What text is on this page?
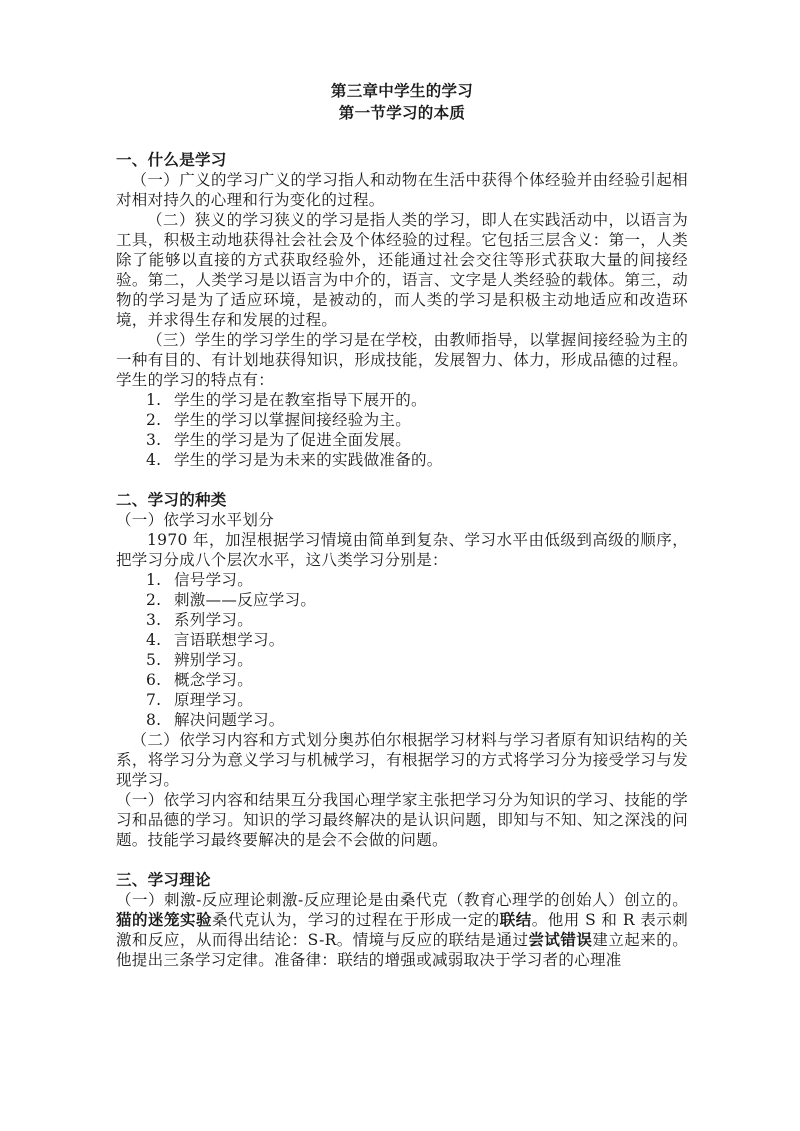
第三章中学生的学习
第一节学习的本质
一、什么是学习

（一）广义的学习广义的学习指人和动物在生活中获得个体经验并由经验引起相对相对持久的心理和行为变化的过程。

（二）狭义的学习狭义的学习是指人类的学习，即人在实践活动中，以语言为工具，积极主动地获得社会社会及个体经验的过程。它包括三层含义：第一，人类除了能够以直接的方式获取经验外，还能通过社会交往等形式获取大量的间接经验。第二，人类学习是以语言为中介的，语言、文字是人类经验的载体。第三，动物的学习是为了适应环境，是被动的，而人类的学习是积极主动地适应和改造环境，并求得生存和发展的过程。

（三）学生的学习学生的学习是在学校，由教师指导，以掌握间接经验为主的一种有目的、有计划地获得知识，形成技能，发展智力、体力，形成品德的过程。学生的学习的特点有：

1. 学生的学习是在教室指导下展开的。
2. 学生的学习以掌握间接经验为主。
3. 学生的学习是为了促进全面发展。
4. 学生的学习是为未来的实践做准备的。
二、学习的种类

（一）依学习水平划分

1970 年，加涅根据学习情境由简单到复杂、学习水平由低级到高级的顺序，把学习分成八个层次水平，这八类学习分别是：

1. 信号学习。
2. 刺激——反应学习。
3. 系列学习。
4. 言语联想学习。
5. 辨别学习。
6. 概念学习。
7. 原理学习。
8. 解决问题学习。

（二）依学习内容和方式划分奥苏伯尔根据学习材料与学习者原有知识结构的关系，将学习分为意义学习与机械学习，有根据学习的方式将学习分为接受学习与发现学习。

（一）依学习内容和结果互分我国心理学家主张把学习分为知识的学习、技能的学习和品德的学习。知识的学习最终解决的是认识问题，即知与不知、知之深浅的问题。技能学习最终要解决的是会不会做的问题。

三、学习理论

（一）刺激-反应理论刺激-反应理论是由桑代克（教育心理学的创始人）创立的。猫的迷笼实验桑代克认为，学习的过程在于形成一定的联结。他用 S 和 R 表示刺激和反应，从而得出结论：S-R。情境与反应的联结是通过尝试错误建立起来的。他提出三条学习定律。准备律：联结的增强或减弱取决于学习者的心理准
